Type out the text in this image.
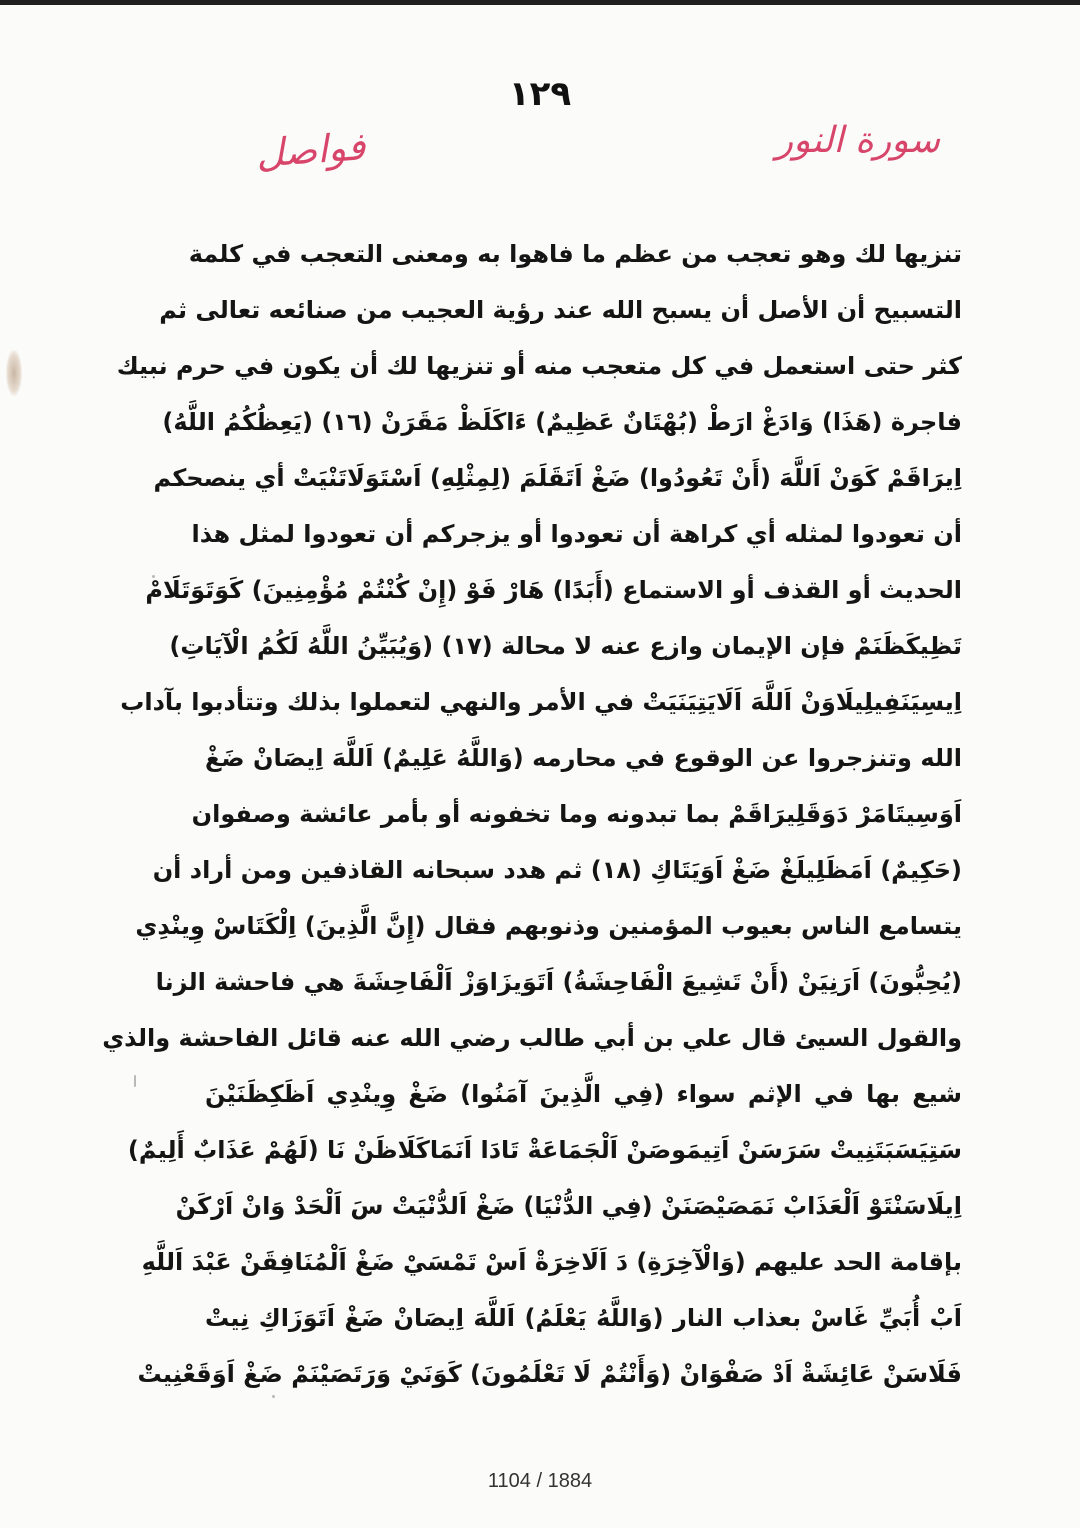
١٢٩
سورة النور
فواصل
تنزيها لك وهو تعجب من عظم ما فاهوا به ومعنى التعجب في كلمة
التسبيح أن الأصل أن يسبح الله عند رؤية العجيب من صنائعه تعالى ثم
كثر حتى استعمل في كل متعجب منه أو تنزيها لك أن يكون في حرم نبيك
فاجرة (هَذَا) وَادَغْ ارَطْ (بُهْتَانٌ عَظِيمٌ) ءَاكَلَظْ مَقَرَنْ (١٦) (يَعِظُكُمُ اللَّهُ)
اِيرَاقَمْ كَوَنْ اَللَّهَ (أَنْ تَعُودُوا) ضَغْ اَتَقَلَمَ (لِمِثْلِهِ) اَسْتَوَلَاتَنْيَتْ أي ينصحكم
أن تعودوا لمثله أي كراهة أن تعودوا أو يزجركم أن تعودوا لمثل هذا
الحديث أو القذف أو الاستماع (أَبَدًا) هَارْ فَوْ (إِنْ كُنْتُمْ مُؤْمِنِينَ) كَوَتَوَتَلَامْ
تَظِيكَظَنَمْ فإن الإيمان وازع عنه لا محالة (١٧) (وَيُبَيِّنُ اللَّهُ لَكُمُ الْآيَاتِ)
اِيسِيَنَفِيلِيلَاوَنْ اَللَّهَ اَلَايَتِيَنَيَتْ في الأمر والنهي لتعملوا بذلك وتتأدبوا بآداب
الله وتنزجروا عن الوقوع في محارمه (وَاللَّهُ عَلِيمٌ) اَللَّهَ اِيصَانْ ضَغْ
اَوَسِيتَامَرْ دَوَقَلِيرَاقَمْ بما تبدونه وما تخفونه أو بأمر عائشة وصفوان
(حَكِيمٌ) اَمَظَلِيلَغْ ضَغْ اَوَيَتَاكِ (١٨) ثم هدد سبحانه القاذفين ومن أراد أن
يتسامع الناس بعيوب المؤمنين وذنوبهم فقال (إِنَّ الَّذِينَ) اِلْكَتَاسْ وِينْدِي
(يُحِبُّونَ) اَرَنِيَنْ (أَنْ تَشِيعَ الْفَاحِشَةُ) اَتَوَيزَاوَزْ اَلْفَاحِشَةَ هي فاحشة الزنا
والقول السيئ قال علي بن أبي طالب رضي الله عنه قائل الفاحشة والذي
شيع بها في الإثم سواء (فِي الَّذِينَ آمَنُوا) ضَغْ وِينْدِي اَظَكِظَنَيْنَ
سَتِيَسَبَتَنِيتْ سَرَسَنْ اَتِيمَوصَنْ اَلْجَمَاعَةْ تَادَا اَنَمَاكَلَاظَنْ نَا (لَهُمْ عَذَابٌ أَلِيمٌ)
اِيلَاسَنْتَوْ اَلْعَذَابْ نَمَصَيْصَنَنْ (فِي الدُّنْيَا) ضَغْ اَلدُّنْيَتْ سَ اَلْحَدْ وَانْ اَرْكَنْ
بإقامة الحد عليهم (وَالْآخِرَةِ) دَ اَلَاخِرَةْ اَسْ تَمْسَيْ ضَغْ اَلْمُنَافِقَنْ عَبْدَ اَللَّهِ
اَبْ أُبَيِّ غَاسْ بعذاب النار (وَاللَّهُ يَعْلَمُ) اَللَّهَ اِيصَانْ ضَغْ اَتَوَزَاكِ نِيتْ
فَلَاسَنْ عَائِشَةْ اَدْ صَفْوَانْ (وَأَنْتُمْ لَا تَعْلَمُونَ) كَوَنَيْ وَرَتَصَيْنَمْ ضَغْ اَوَقَعْنِيتْ
1104 / 1884
